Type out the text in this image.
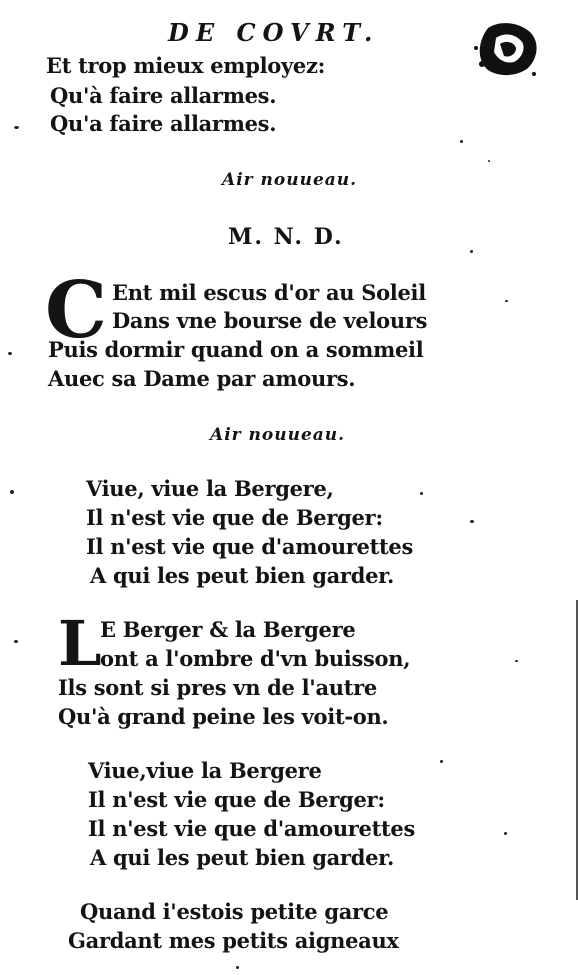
DE COVRT.
Et trop mieux employez:
Qu'à faire allarmes.
Qu'a faire allarmes.
Air nouueau.
M. N. D.
C Ent mil escus d'or au Soleil
Dans vne bourse de velours
Puis dormir quand on a sommeil
Auec sa Dame par amours.
Air nouueau.
Viue, viue la Bergere,
Il n'est vie que de Berger:
Il n'est vie que d'amourettes
A qui les peut bien garder.
L
E Berger & la Bergere
ont a l'ombre d'vn buisson,
Ils sont si pres vn de l'autre
Qu'à grand peine les voit-on.
Viue,viue la Bergere
Il n'est vie que de Berger:
Il n'est vie que d'amourettes
A qui les peut bien garder.
Quand i'estois petite garce
Gardant mes petits aigneaux
